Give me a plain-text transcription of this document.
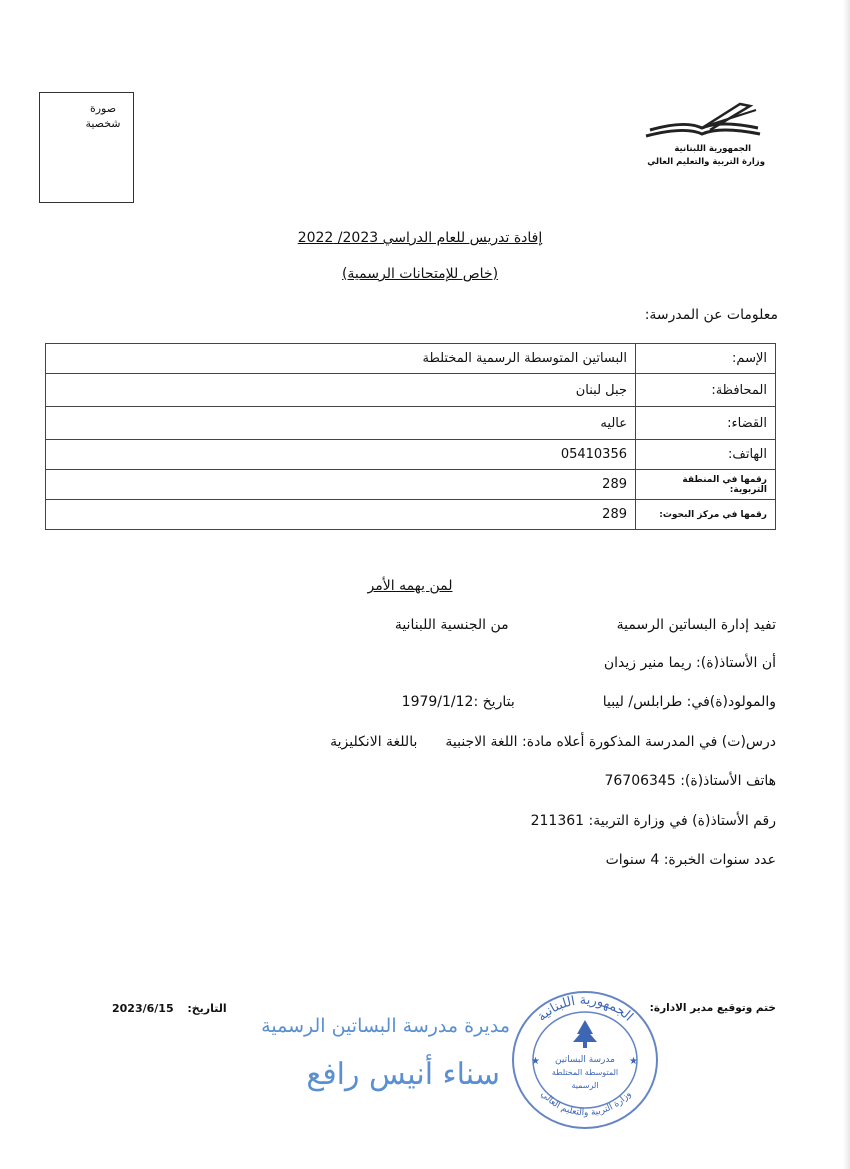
صورة
شخصية
الجمهورية اللبنانية
وزارة التربية والتعليم العالي
إفادة تدريس للعام الدراسي 2023/ 2022
(خاص للإمتحانات الرسمية)
معلومات عن المدرسة:
الإسم:	البساتين المتوسطة الرسمية المختلطة
المحافظة:	جبل لبنان
القضاء:	عاليه
الهاتف:	05410356
رقمها في المنطقة التربوية:	289
رقمها في مركز البحوث:	289
لمن يهمه الأمر
تفيد إدارة البساتين الرسميةمن الجنسية اللبنانية
أن الأستاذ(ة): ريما منير زيدان
والمولود(ة)في: طرابلس/ ليبيابتاريخ :1979/1/12
درس(ت) في المدرسة المذكورة أعلاه مادة: اللغة الاجنبيةباللغة الانكليزية
هاتف الأستاذ(ة): 76706345
رقم الأستاذ(ة) في وزارة التربية: 211361
عدد سنوات الخبرة: 4 سنوات
ختم وتوقيع مدير الادارة:
التاريخ:  2023/6/15
الجمهورية اللبنانية
وزارة التربية والتعليم العالي
مدرسة البساتين
المتوسطة المختلطة
الرسمية
★	★
مديرة مدرسة البساتين الرسمية
سناء أنيس رافع
